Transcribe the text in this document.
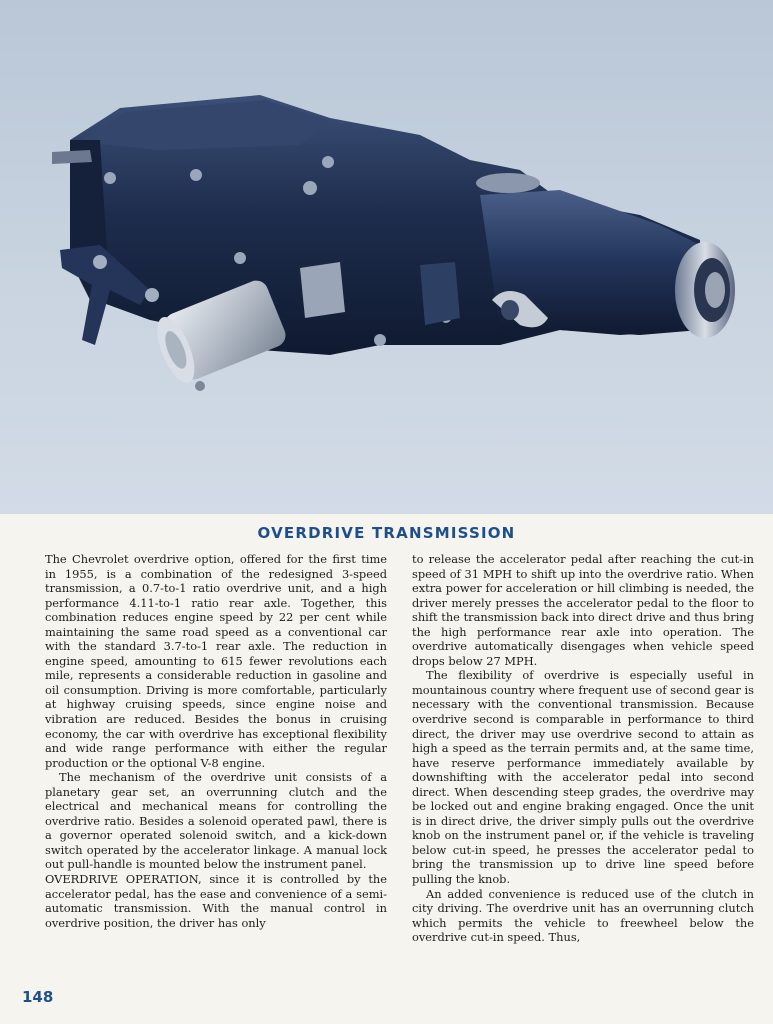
OVERDRIVE TRANSMISSION

The Chevrolet overdrive option, offered for the first time in 1955, is a combination of the redesigned 3-speed transmission, a 0.7-to-1 ratio overdrive unit, and a high performance 4.11-to-1 ratio rear axle. Together, this combination reduces engine speed by 22 per cent while maintaining the same road speed as a conventional car with the standard 3.7-to-1 rear axle. The reduction in engine speed, amounting to 615 fewer revolutions each mile, represents a considerable reduction in gasoline and oil consumption. Driving is more comfortable, particularly at highway cruising speeds, since engine noise and vibration are reduced. Besides the bonus in cruising economy, the car with overdrive has exceptional flexibility and wide range performance with either the regular production or the optional V-8 engine.

The mechanism of the overdrive unit consists of a planetary gear set, an overrunning clutch and the electrical and mechanical means for controlling the overdrive ratio. Besides a solenoid operated pawl, there is a governor operated solenoid switch, and a kick-down switch operated by the accelerator linkage. A manual lock out pull-handle is mounted below the instrument panel.

OVERDRIVE OPERATION, since it is controlled by the accelerator pedal, has the ease and convenience of a semi-automatic transmission. With the manual control in overdrive position, the driver has only

to release the accelerator pedal after reaching the cut-in speed of 31 MPH to shift up into the overdrive ratio. When extra power for acceleration or hill climbing is needed, the driver merely presses the accelerator pedal to the floor to shift the transmission back into direct drive and thus bring the high performance rear axle into operation. The overdrive automatically disengages when vehicle speed drops below 27 MPH.

The flexibility of overdrive is especially useful in mountainous country where frequent use of second gear is necessary with the conventional transmission. Because overdrive second is comparable in performance to third direct, the driver may use overdrive second to attain as high a speed as the terrain permits and, at the same time, have reserve performance immediately available by downshifting with the accelerator pedal into second direct. When descending steep grades, the overdrive may be locked out and engine braking engaged. Once the unit is in direct drive, the driver simply pulls out the overdrive knob on the instrument panel or, if the vehicle is traveling below cut-in speed, he presses the accelerator pedal to bring the transmission up to drive line speed before pulling the knob.

An added convenience is reduced use of the clutch in city driving. The overdrive unit has an overrunning clutch which permits the vehicle to freewheel below the overdrive cut-in speed. Thus,

148
